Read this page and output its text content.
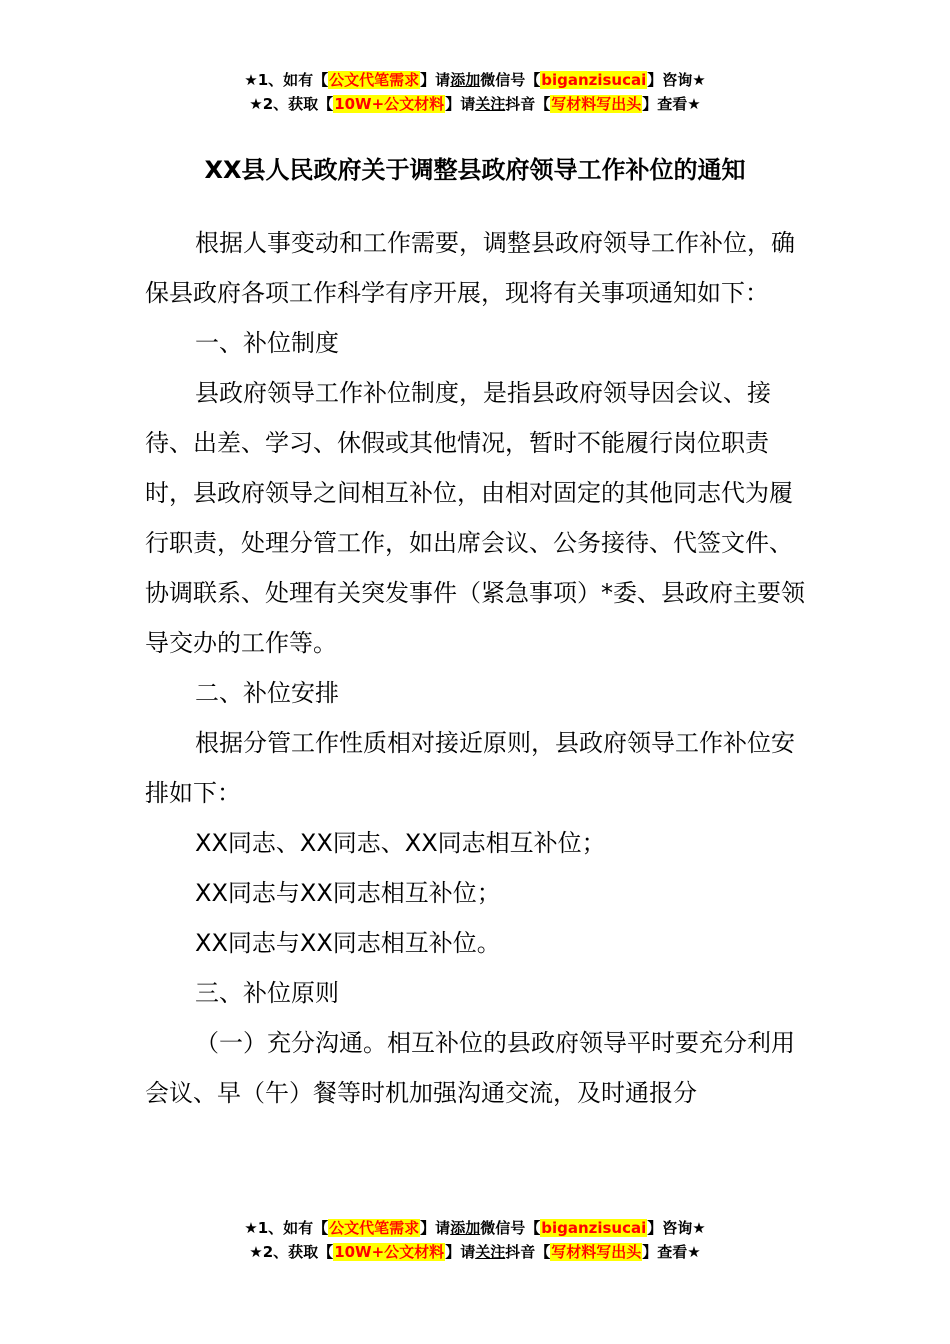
★1、如有【公文代笔需求】请添加微信号【biganzisucai】咨询★
★2、获取【10W+公文材料】请关注抖音【写材料写出头】查看★
XX县人民政府关于调整县政府领导工作补位的通知

根据人事变动和工作需要，调整县政府领导工作补位，确保县政府各项工作科学有序开展，现将有关事项通知如下：

一、补位制度

县政府领导工作补位制度，是指县政府领导因会议、接待、出差、学习、休假或其他情况，暂时不能履行岗位职责时，县政府领导之间相互补位，由相对固定的其他同志代为履行职责，处理分管工作，如出席会议、公务接待、代签文件、协调联系、处理有关突发事件（紧急事项）*委、县政府主要领导交办的工作等。

二、补位安排

根据分管工作性质相对接近原则，县政府领导工作补位安排如下：

XX同志、XX同志、XX同志相互补位；

XX同志与XX同志相互补位；

XX同志与XX同志相互补位。

三、补位原则

（一）充分沟通。相互补位的县政府领导平时要充分利用会议、早（午）餐等时机加强沟通交流，及时通报分

★1、如有【公文代笔需求】请添加微信号【biganzisucai】咨询★
★2、获取【10W+公文材料】请关注抖音【写材料写出头】查看★
